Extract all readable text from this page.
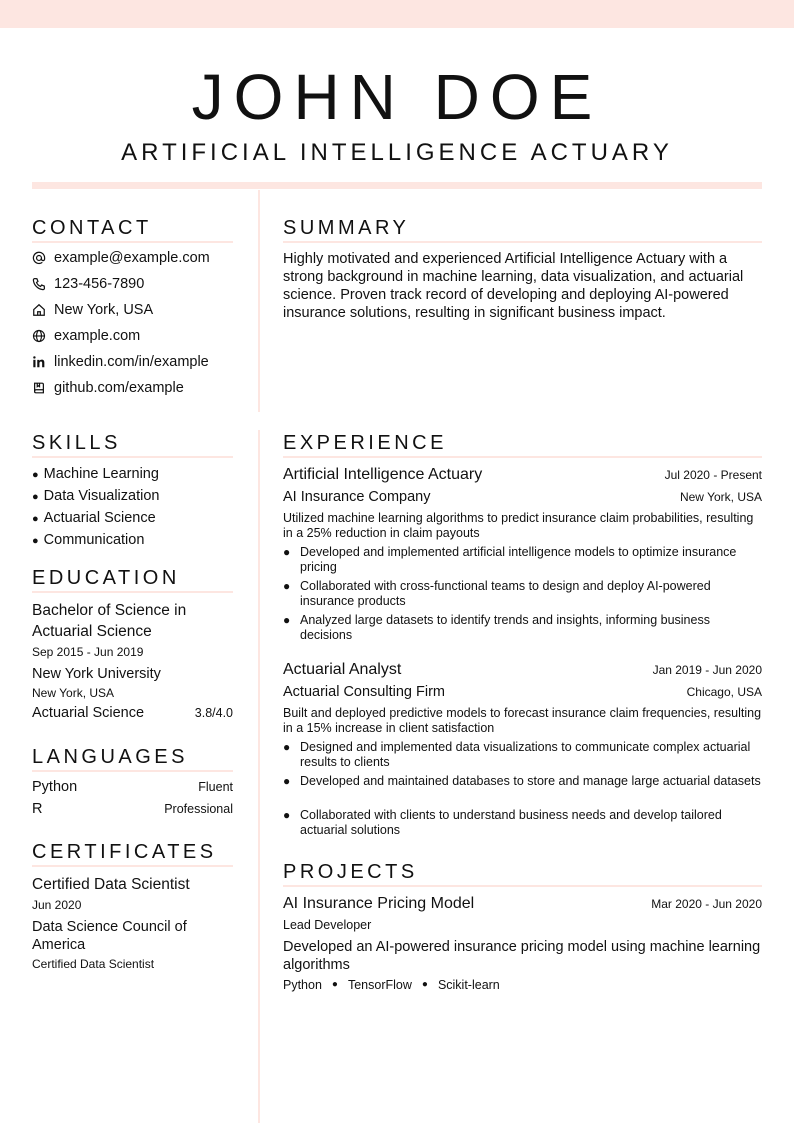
JOHN DOE
ARTIFICIAL INTELLIGENCE ACTUARY
CONTACT
example@example.com
123-456-7890
New York, USA
example.com
linkedin.com/in/example
github.com/example
SUMMARY

Highly motivated and experienced Artificial Intelligence Actuary with a strong background in machine learning, data visualization, and actuarial science. Proven track record of developing and deploying AI-powered insurance solutions, resulting in significant business impact.

SKILLS
● Machine Learning
● Data Visualization
● Actuarial Science
● Communication
EDUCATION

Bachelor of Science in Actuarial Science

Sep 2015 - Jun 2019

New York University

New York, USA

Actuarial Science	3.8/4.0
LANGUAGES
Python	Fluent
R	Professional
CERTIFICATES

Certified Data Scientist

Jun 2020

Data Science Council of America

Certified Data Scientist

EXPERIENCE
Artificial Intelligence Actuary	Jul 2020 - Present
AI Insurance Company	New York, USA

Utilized machine learning algorithms to predict insurance claim probabilities, resulting in a 25% reduction in claim payouts

● Developed and implemented artificial intelligence models to optimize insurance pricing
● Collaborated with cross-functional teams to design and deploy AI-powered insurance products
● Analyzed large datasets to identify trends and insights, informing business decisions
Actuarial Analyst	Jan 2019 - Jun 2020
Actuarial Consulting Firm	Chicago, USA

Built and deployed predictive models to forecast insurance claim frequencies, resulting in a 15% increase in client satisfaction

● Designed and implemented data visualizations to communicate complex actuarial results to clients
● Developed and maintained databases to store and manage large actuarial datasets
● Collaborated with clients to understand business needs and develop tailored actuarial solutions
PROJECTS
AI Insurance Pricing Model	Mar 2020 - Jun 2020

Lead Developer

Developed an AI-powered insurance pricing model using machine learning algorithms

Python ● TensorFlow ● Scikit-learn
